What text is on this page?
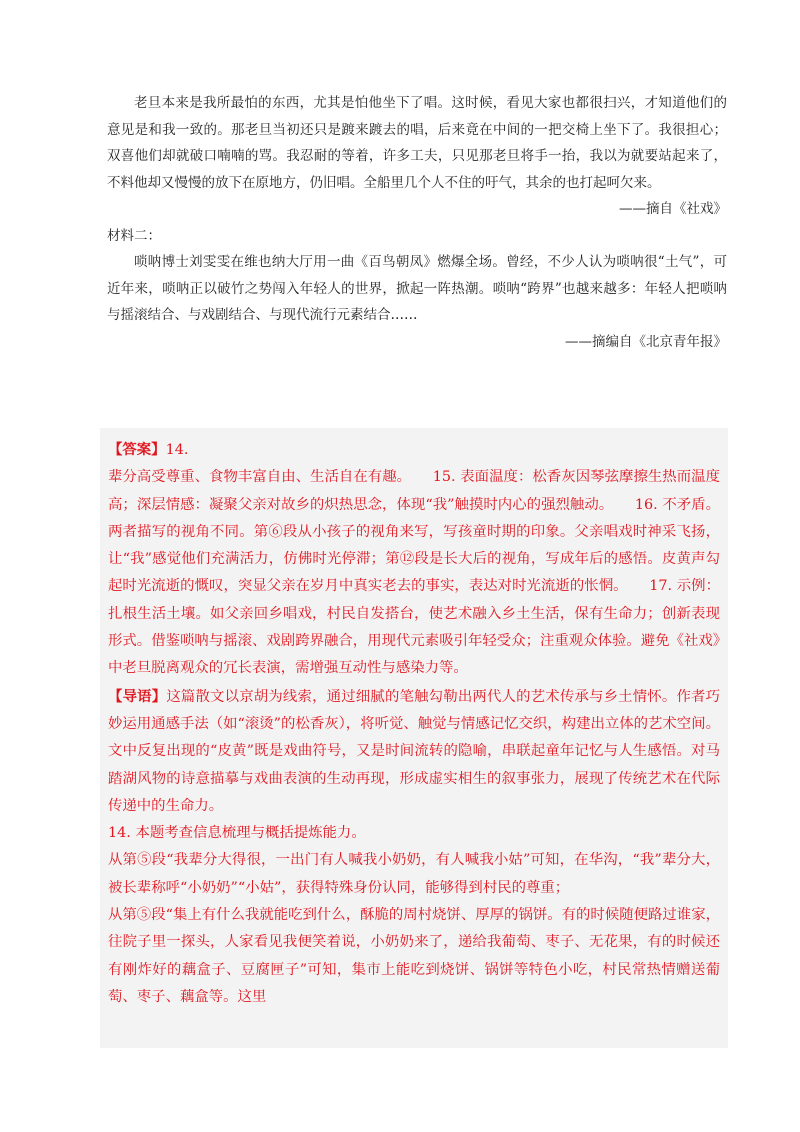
老旦本来是我所最怕的东西，尤其是怕他坐下了唱。这时候，看见大家也都很扫兴，才知道他们的意见是和我一致的。那老旦当初还只是踱来踱去的唱，后来竟在中间的一把交椅上坐下了。我很担心；双喜他们却就破口喃喃的骂。我忍耐的等着，许多工夫，只见那老旦将手一抬，我以为就要站起来了，不料他却又慢慢的放下在原地方，仍旧唱。全船里几个人不住的吁气，其余的也打起呵欠来。

——摘自《社戏》

材料二：

唢呐博士刘雯雯在维也纳大厅用一曲《百鸟朝凤》燃爆全场。曾经，不少人认为唢呐很“土气”，可近年来，唢呐正以破竹之势闯入年轻人的世界，掀起一阵热潮。唢呐“跨界”也越来越多：年轻人把唢呐与摇滚结合、与戏剧结合、与现代流行元素结合……

——摘编自《北京青年报》

【答案】14.

辈分高受尊重、食物丰富自由、生活自在有趣。　　15. 表面温度：松香灰因琴弦摩擦生热而温度高；深层情感：凝聚父亲对故乡的炽热思念，体现“我”触摸时内心的强烈触动。　　16. 不矛盾。两者描写的视角不同。第⑥段从小孩子的视角来写，写孩童时期的印象。父亲唱戏时神采飞扬，让“我”感觉他们充满活力，仿佛时光停滞；第⑫段是长大后的视角，写成年后的感悟。皮黄声勾起时光流逝的慨叹，突显父亲在岁月中真实老去的事实，表达对时光流逝的怅惘。　　17. 示例：扎根生活土壤。如父亲回乡唱戏，村民自发搭台，使艺术融入乡土生活，保有生命力；创新表现形式。借鉴唢呐与摇滚、戏剧跨界融合，用现代元素吸引年轻受众；注重观众体验。避免《社戏》中老旦脱离观众的冗长表演，需增强互动性与感染力等。

【导语】这篇散文以京胡为线索，通过细腻的笔触勾勒出两代人的艺术传承与乡土情怀。作者巧妙运用通感手法（如“滚烫”的松香灰），将听觉、触觉与情感记忆交织，构建出立体的艺术空间。文中反复出现的“皮黄”既是戏曲符号，又是时间流转的隐喻，串联起童年记忆与人生感悟。对马踏湖风物的诗意描摹与戏曲表演的生动再现，形成虚实相生的叙事张力，展现了传统艺术在代际传递中的生命力。

14. 本题考查信息梳理与概括提炼能力。

从第⑤段“我辈分大得很，一出门有人喊我小奶奶，有人喊我小姑”可知，在华沟，“我”辈分大，被长辈称呼“小奶奶”“小姑”，获得特殊身份认同，能够得到村民的尊重；

从第⑤段“集上有什么我就能吃到什么，酥脆的周村烧饼、厚厚的锅饼。有的时候随便路过谁家，往院子里一探头，人家看见我便笑着说，小奶奶来了，递给我葡萄、枣子、无花果，有的时候还有刚炸好的藕盒子、豆腐匣子”可知，集市上能吃到烧饼、锅饼等特色小吃，村民常热情赠送葡萄、枣子、藕盒等。这里
